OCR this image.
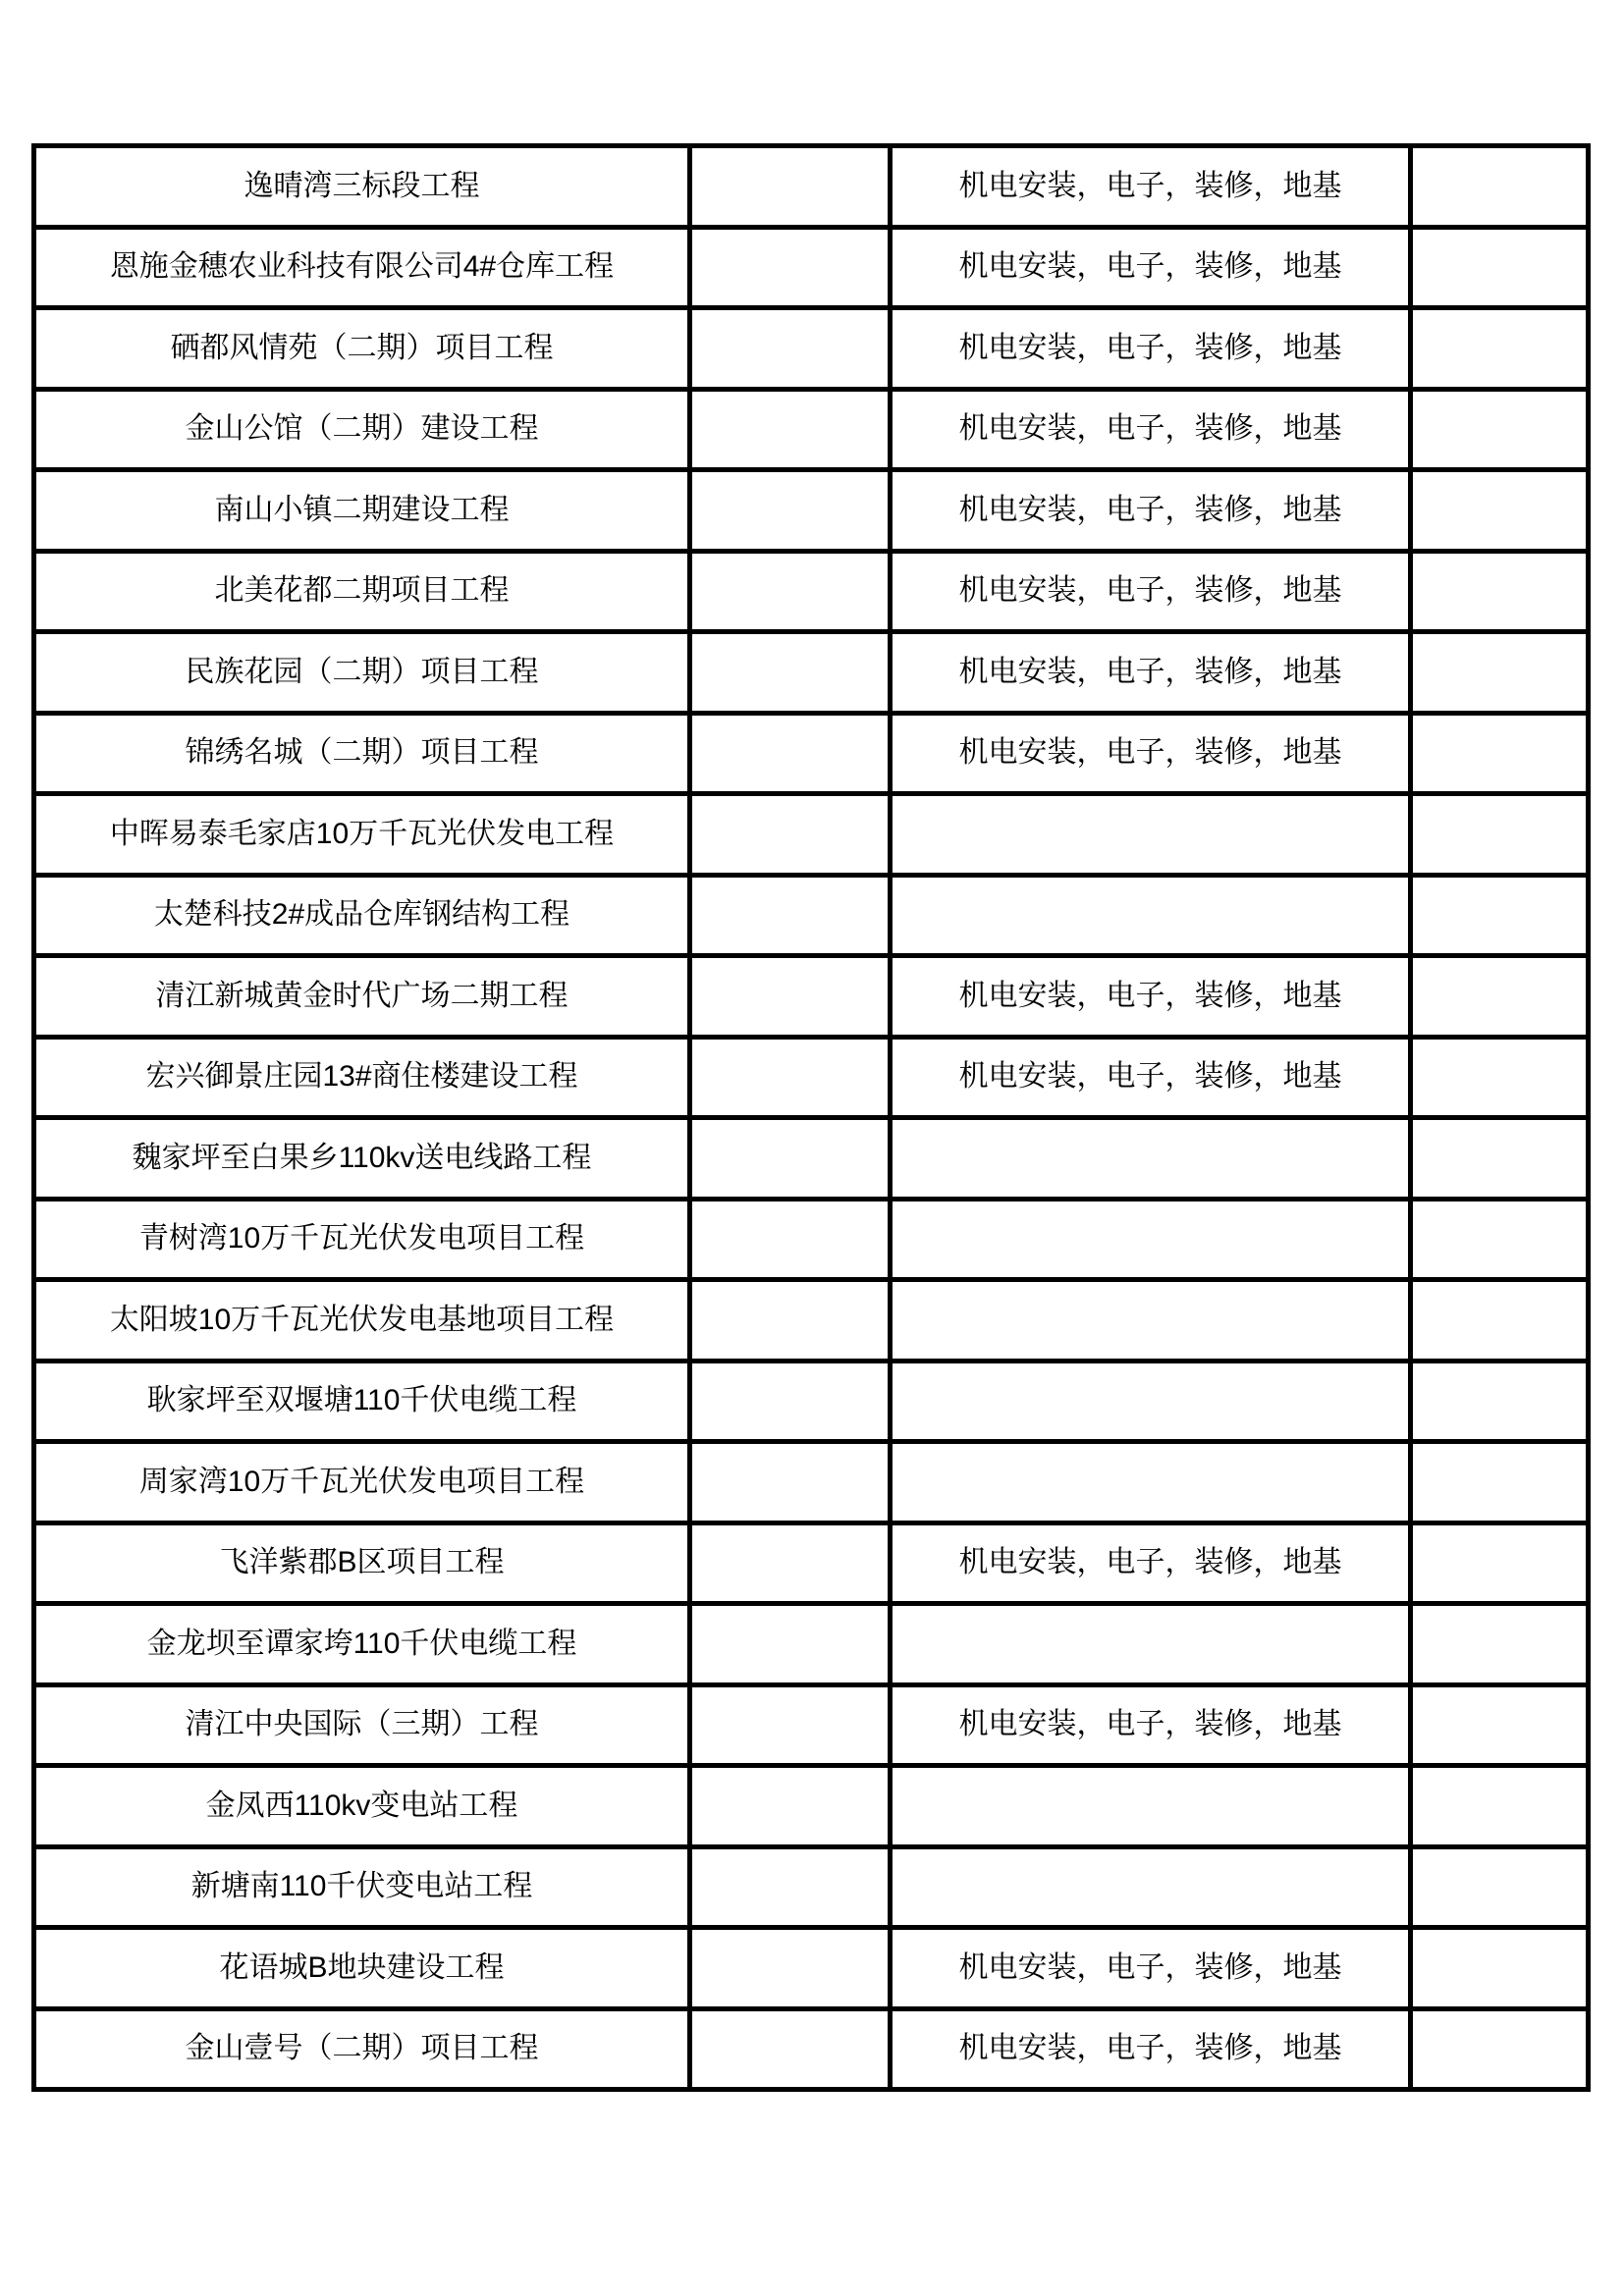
逸晴湾三标段工程		机电安装，电子，装修，地基	
恩施金穗农业科技有限公司4#仓库工程		机电安装，电子，装修，地基	
硒都风情苑（二期）项目工程		机电安装，电子，装修，地基	
金山公馆（二期）建设工程		机电安装，电子，装修，地基	
南山小镇二期建设工程		机电安装，电子，装修，地基	
北美花都二期项目工程		机电安装，电子，装修，地基	
民族花园（二期）项目工程		机电安装，电子，装修，地基	
锦绣名城（二期）项目工程		机电安装，电子，装修，地基	
中晖易泰毛家店10万千瓦光伏发电工程			
太楚科技2#成品仓库钢结构工程			
清江新城黄金时代广场二期工程		机电安装，电子，装修，地基	
宏兴御景庄园13#商住楼建设工程		机电安装，电子，装修，地基	
魏家坪至白果乡110kv送电线路工程			
青树湾10万千瓦光伏发电项目工程			
太阳坡10万千瓦光伏发电基地项目工程			
耿家坪至双堰塘110千伏电缆工程			
周家湾10万千瓦光伏发电项目工程			
飞洋紫郡B区项目工程		机电安装，电子，装修，地基	
金龙坝至谭家垮110千伏电缆工程			
清江中央国际（三期）工程		机电安装，电子，装修，地基	
金凤西110kv变电站工程			
新塘南110千伏变电站工程			
花语城B地块建设工程		机电安装，电子，装修，地基	
金山壹号（二期）项目工程		机电安装，电子，装修，地基	
